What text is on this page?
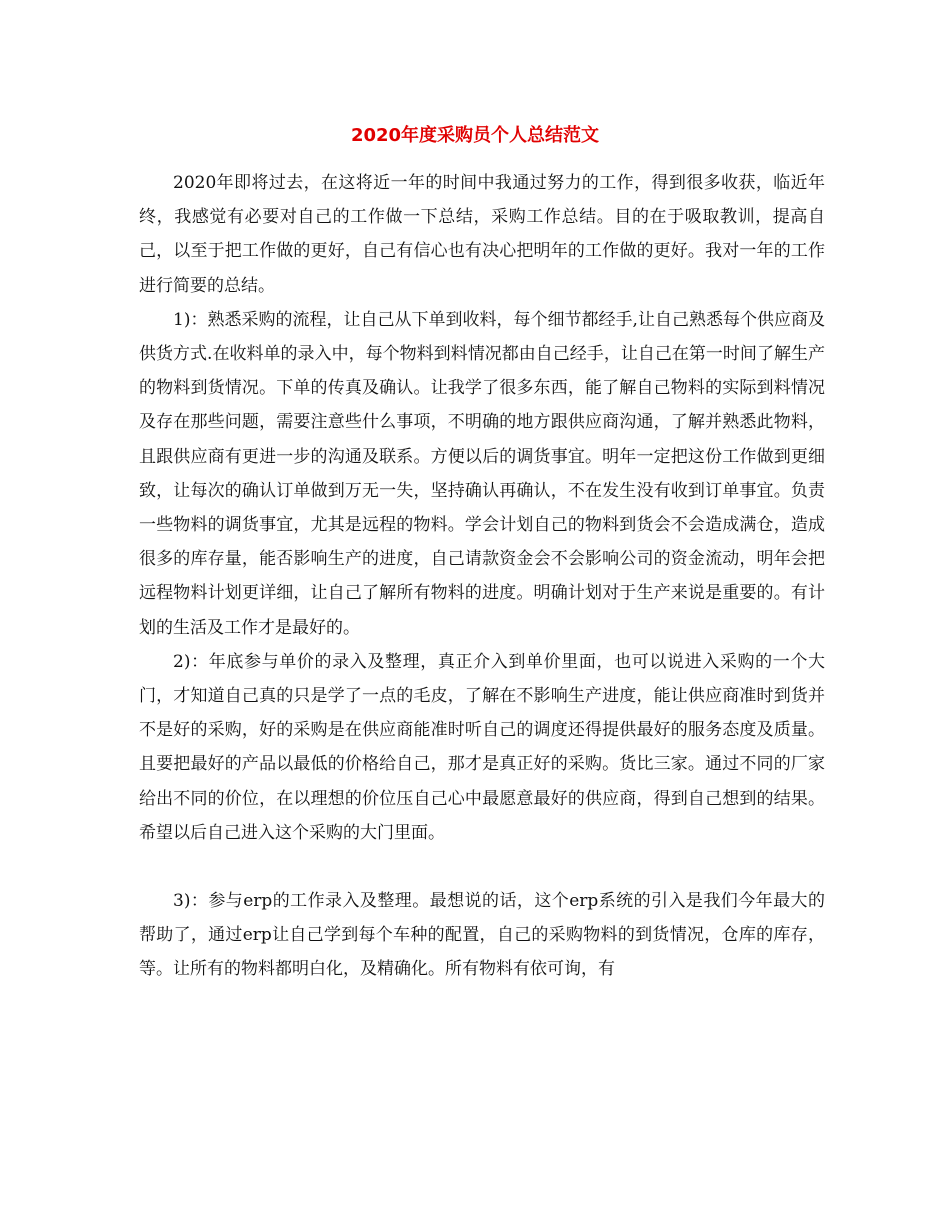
2020年度采购员个人总结范文

2020年即将过去，在这将近一年的时间中我通过努力的工作，得到很多收获，临近年终，我感觉有必要对自己的工作做一下总结，采购工作总结。目的在于吸取教训，提高自己，以至于把工作做的更好，自己有信心也有决心把明年的工作做的更好。我对一年的工作进行简要的总结。

1)：熟悉采购的流程，让自己从下单到收料，每个细节都经手,让自己熟悉每个供应商及供货方式.在收料单的录入中，每个物料到料情况都由自己经手，让自己在第一时间了解生产的物料到货情况。下单的传真及确认。让我学了很多东西，能了解自己物料的实际到料情况及存在那些问题，需要注意些什么事项，不明确的地方跟供应商沟通，了解并熟悉此物料，且跟供应商有更进一步的沟通及联系。方便以后的调货事宜。明年一定把这份工作做到更细致，让每次的确认订单做到万无一失，坚持确认再确认，不在发生没有收到订单事宜。负责一些物料的调货事宜，尤其是远程的物料。学会计划自己的物料到货会不会造成满仓，造成很多的库存量，能否影响生产的进度，自己请款资金会不会影响公司的资金流动，明年会把远程物料计划更详细，让自己了解所有物料的进度。明确计划对于生产来说是重要的。有计划的生活及工作才是最好的。

2)：年底参与单价的录入及整理，真正介入到单价里面，也可以说进入采购的一个大门，才知道自己真的只是学了一点的毛皮，了解在不影响生产进度，能让供应商准时到货并不是好的采购，好的采购是在供应商能准时听自己的调度还得提供最好的服务态度及质量。且要把最好的产品以最低的价格给自己，那才是真正好的采购。货比三家。通过不同的厂家给出不同的价位，在以理想的价位压自己心中最愿意最好的供应商，得到自己想到的结果。希望以后自己进入这个采购的大门里面。

3)：参与erp的工作录入及整理。最想说的话，这个erp系统的引入是我们今年最大的帮助了，通过erp让自己学到每个车种的配置，自己的采购物料的到货情况，仓库的库存，等。让所有的物料都明白化，及精确化。所有物料有依可询，有
